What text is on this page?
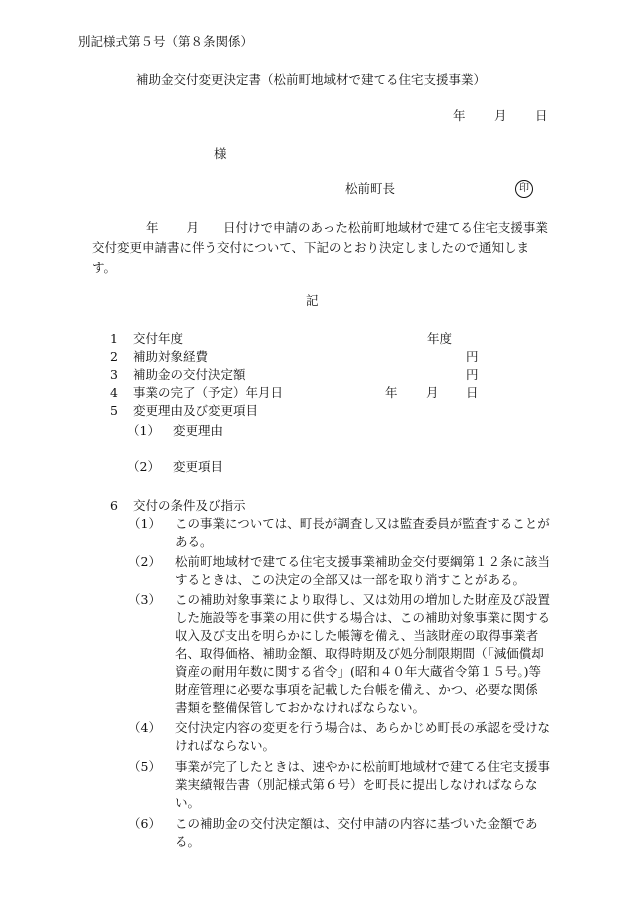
別記様式第５号（第８条関係）
補助金交付変更決定書（松前町地域材で建てる住宅支援事業）
年 月 日
様
松前町長	印
年 月 日付けで申請のあった松前町地域材で建てる住宅支援事業交付変更申請書に伴う交付について、下記のとおり決定しましたので通知します。
記
1 交付年度	年度
2 補助対象経費	円
3 補助金の交付決定額	円
4 事業の完了（予定）年月日	年 月 日
5 変更理由及び変更項目
（1） 変更理由
（2） 変更項目
6 交付の条件及び指示
（1）	この事業については、町長が調査し又は監査委員が監査することがある。
（2）	松前町地域材で建てる住宅支援事業補助金交付要綱第１２条に該当するときは、この決定の全部又は一部を取り消すことがある。
（3）	この補助対象事業により取得し、又は効用の増加した財産及び設置した施設等を事業の用に供する場合は、この補助対象事業に関する収入及び支出を明らかにした帳簿を備え、当該財産の取得事業者名、取得価格、補助金額、取得時期及び処分制限期間（「減価償却資産の耐用年数に関する省令」(昭和４０年大蔵省令第１５号。)等財産管理に必要な事項を記載した台帳を備え、かつ、必要な関係書類を整備保管しておかなければならない。
（4）	交付決定内容の変更を行う場合は、あらかじめ町長の承認を受けなければならない。
（5）	事業が完了したときは、速やかに松前町地域材で建てる住宅支援事業実績報告書（別記様式第６号）を町長に提出しなければならない。
（6）	この補助金の交付決定額は、交付申請の内容に基づいた金額である。
